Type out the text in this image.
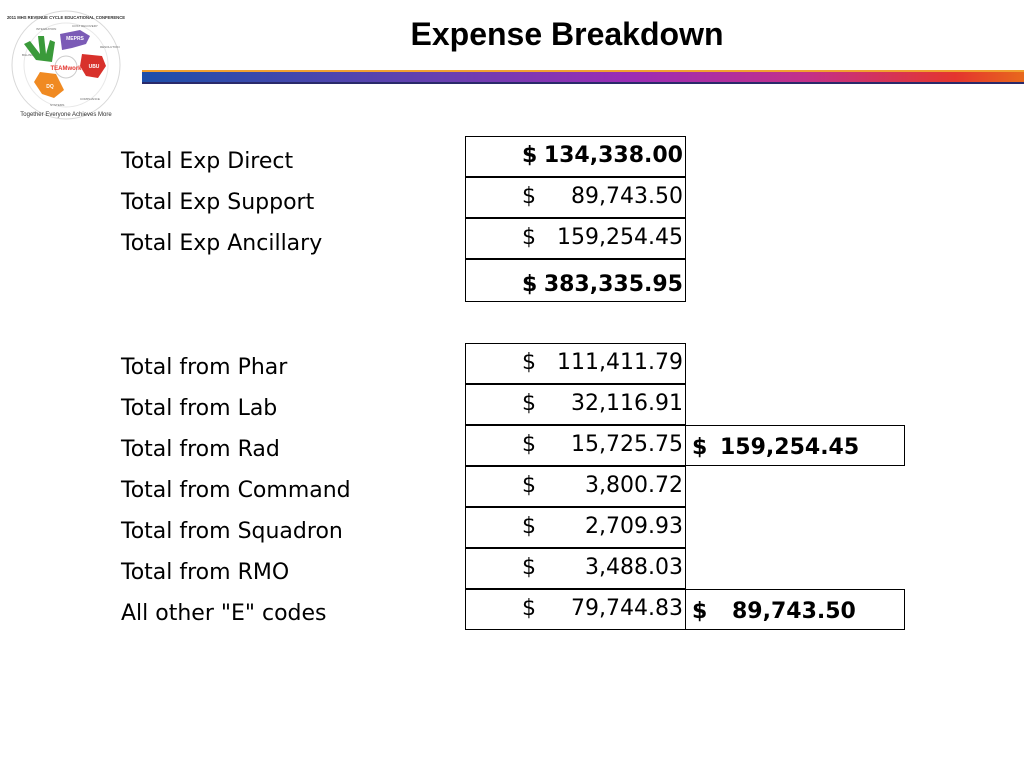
TEAMwork
UBO
MEPRS
UBU
DQ
2011 MHS REVENUE CYCLE EDUCATIONAL CONFERENCE
Together Everyone Achieves More
BILLING
INTEGRATION
COST RECOVERY
RESOLUTION
SYSTEMS
COMPLIANCE
Expense Breakdown
Total Exp Direct
Total Exp Support
Total Exp Ancillary
$ 134,338.00
$ 89,743.50
$ 159,254.45
$ 383,335.95
Total from Phar
Total from Lab
Total from Rad
Total from Command
Total from Squadron
Total from RMO
All other "E" codes
$ 111,411.79
$ 32,116.91
$ 15,725.75
$ 3,800.72
$ 2,709.93
$ 3,488.03
$ 79,744.83
$ 159,254.45
$ 89,743.50
